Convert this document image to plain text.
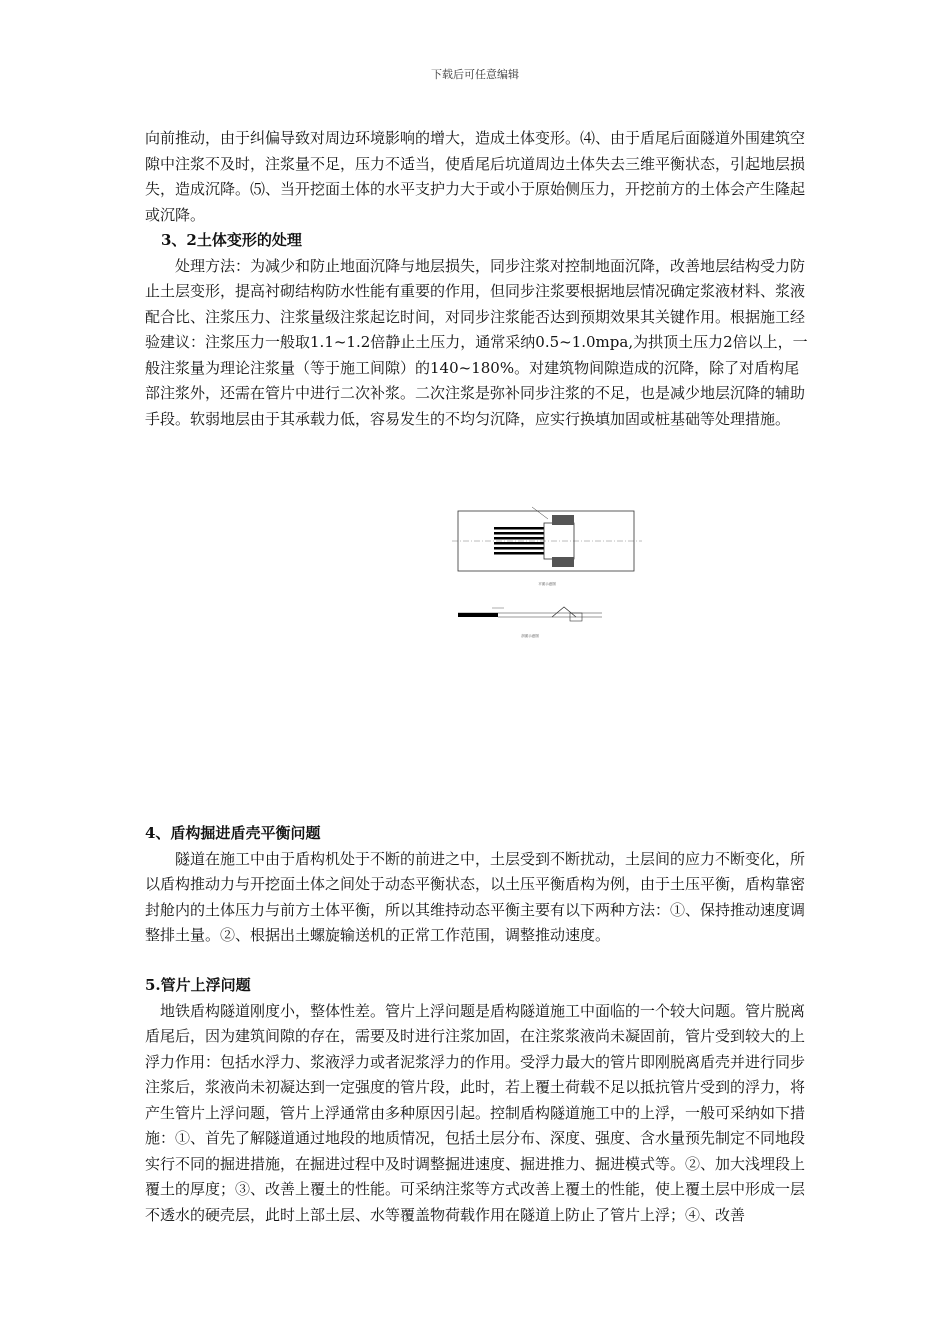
下载后可任意编辑

向前推动，由于纠偏导致对周边环境影响的增大，造成土体变形。⑷、由于盾尾后面隧道外围建筑空隙中注浆不及时，注浆量不足，压力不适当，使盾尾后坑道周边土体失去三维平衡状态，引起地层损失，造成沉降。⑸、当开挖面土体的水平支护力大于或小于原始侧压力，开挖前方的土体会产生隆起或沉降。

3、2土体变形的处理

处理方法：为减少和防止地面沉降与地层损失，同步注浆对控制地面沉降，改善地层结构受力防止土层变形，提高衬砌结构防水性能有重要的作用，但同步注浆要根据地层情况确定浆液材料、浆液配合比、注浆压力、注浆量级注浆起讫时间，对同步注浆能否达到预期效果其关键作用。根据施工经验建议：注浆压力一般取1.1~1.2倍静止土压力，通常采纳0.5~1.0mpa,为拱顶土压力2倍以上，一般注浆量为理论注浆量（等于施工间隙）的140~180%。对建筑物间隙造成的沉降，除了对盾构尾部注浆外，还需在管片中进行二次补浆。二次注浆是弥补同步注浆的不足，也是减少地层沉降的辅助手段。软弱地层由于其承载力低，容易发生的不均匀沉降，应实行换填加固或桩基础等处理措施。

平面示意图
剖面示意图

4、盾构掘进盾壳平衡问题

隧道在施工中由于盾构机处于不断的前进之中，土层受到不断扰动，土层间的应力不断变化，所以盾构推动力与开挖面土体之间处于动态平衡状态，以土压平衡盾构为例，由于土压平衡，盾构靠密封舱内的土体压力与前方土体平衡，所以其维持动态平衡主要有以下两种方法：①、保持推动速度调整排土量。②、根据出土螺旋输送机的正常工作范围，调整推动速度。

5.管片上浮问题

地铁盾构隧道刚度小，整体性差。管片上浮问题是盾构隧道施工中面临的一个较大问题。管片脱离盾尾后，因为建筑间隙的存在，需要及时进行注浆加固，在注浆浆液尚未凝固前，管片受到较大的上浮力作用：包括水浮力、浆液浮力或者泥浆浮力的作用。受浮力最大的管片即刚脱离盾壳并进行同步注浆后，浆液尚未初凝达到一定强度的管片段，此时，若上覆土荷载不足以抵抗管片受到的浮力，将产生管片上浮问题，管片上浮通常由多种原因引起。控制盾构隧道施工中的上浮，一般可采纳如下措施：①、首先了解隧道通过地段的地质情况，包括土层分布、深度、强度、含水量预先制定不同地段实行不同的掘进措施，在掘进过程中及时调整掘进速度、掘进推力、掘进模式等。②、加大浅埋段上覆土的厚度；③、改善上覆土的性能。可采纳注浆等方式改善上覆土的性能，使上覆土层中形成一层不透水的硬壳层，此时上部土层、水等覆盖物荷载作用在隧道上防止了管片上浮；④、改善
